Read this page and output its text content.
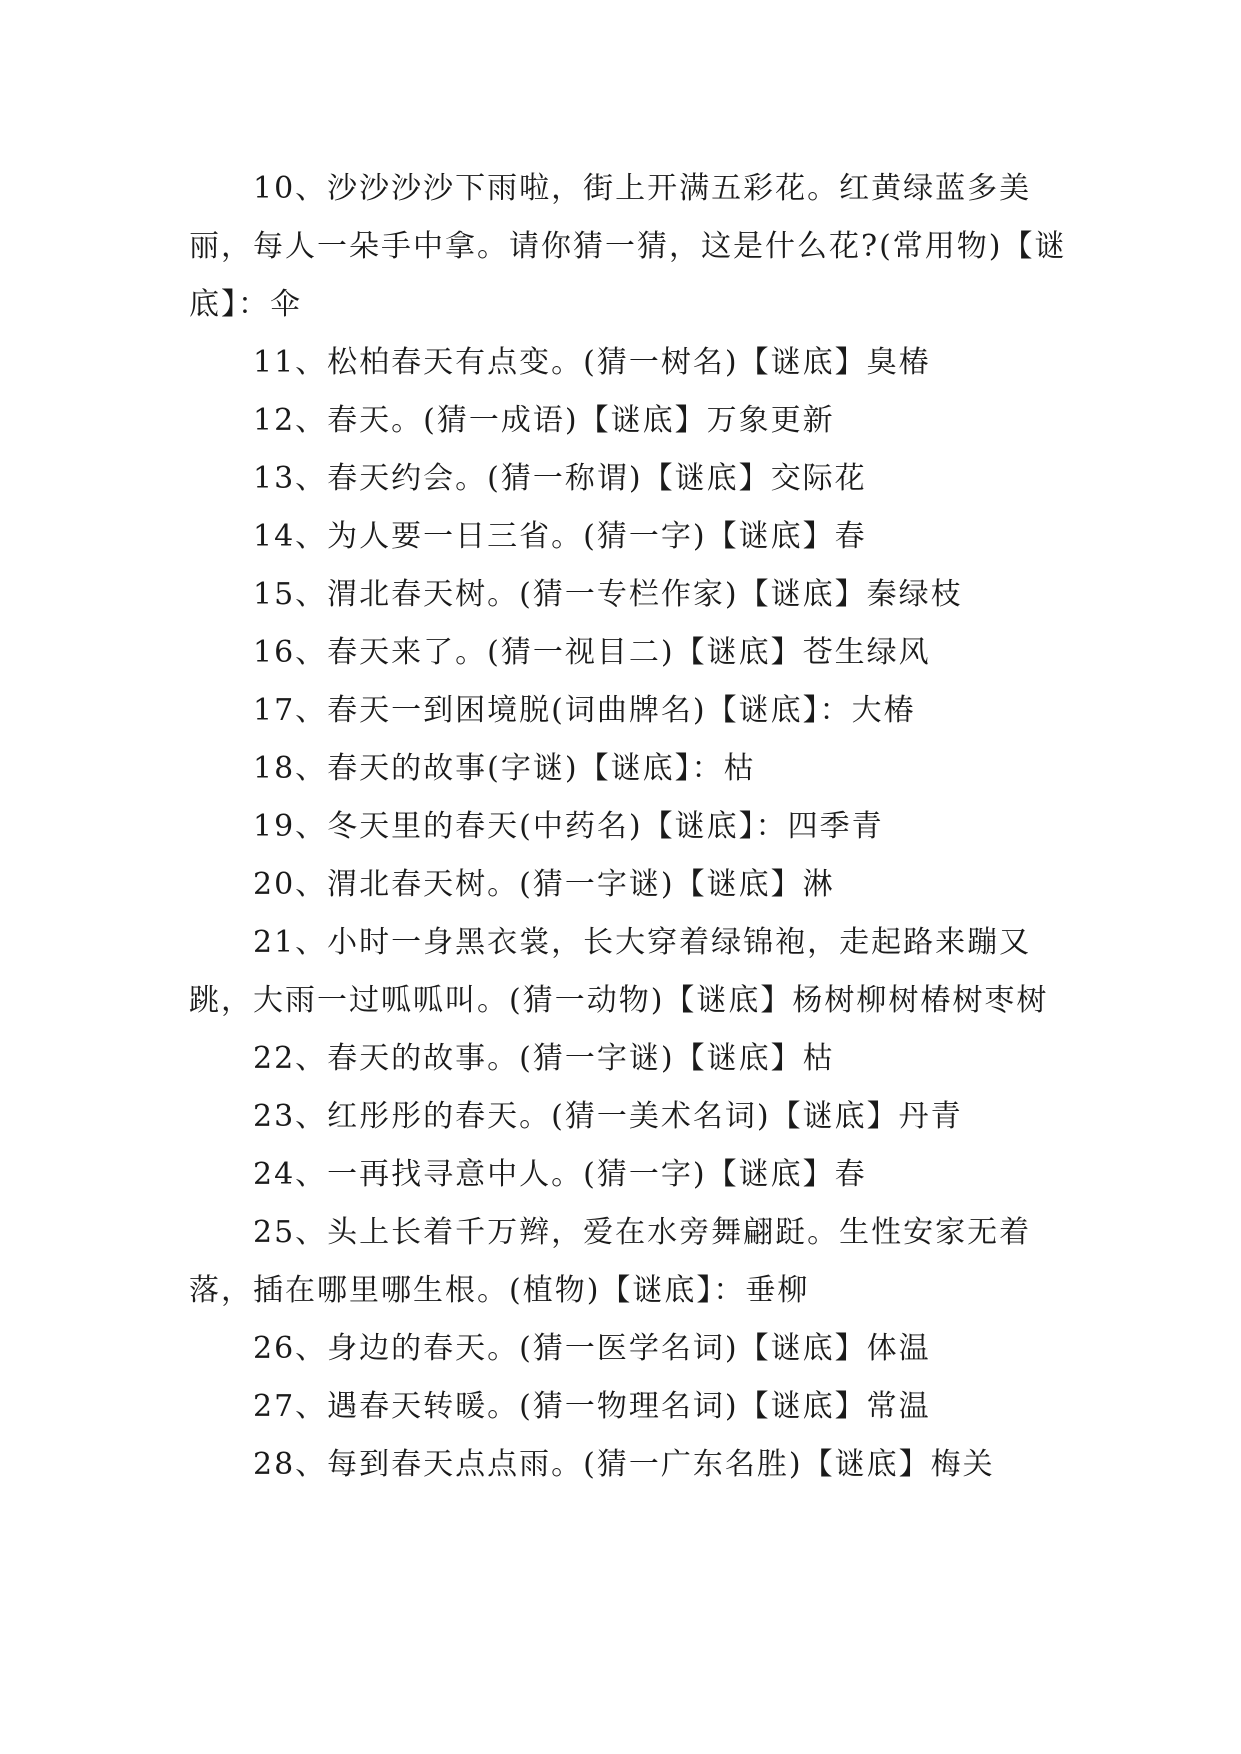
10、沙沙沙沙下雨啦，街上开满五彩花。红黄绿蓝多美丽，每人一朵手中拿。请你猜一猜，这是什么花?(常用物)【谜底】：伞

11、松柏春天有点变。(猜一树名)【谜底】臭椿

12、春天。(猜一成语)【谜底】万象更新

13、春天约会。(猜一称谓)【谜底】交际花

14、为人要一日三省。(猜一字)【谜底】春

15、渭北春天树。(猜一专栏作家)【谜底】秦绿枝

16、春天来了。(猜一视目二)【谜底】苍生绿风

17、春天一到困境脱(词曲牌名)【谜底】：大椿

18、春天的故事(字谜)【谜底】：枯

19、冬天里的春天(中药名)【谜底】：四季青

20、渭北春天树。(猜一字谜)【谜底】淋

21、小时一身黑衣裳，长大穿着绿锦袍，走起路来蹦又跳，大雨一过呱呱叫。(猜一动物)【谜底】杨树柳树椿树枣树

22、春天的故事。(猜一字谜)【谜底】枯

23、红彤彤的春天。(猜一美术名词)【谜底】丹青

24、一再找寻意中人。(猜一字)【谜底】春

25、头上长着千万辫，爱在水旁舞翩跹。生性安家无着落，插在哪里哪生根。(植物)【谜底】：垂柳

26、身边的春天。(猜一医学名词)【谜底】体温

27、遇春天转暖。(猜一物理名词)【谜底】常温

28、每到春天点点雨。(猜一广东名胜)【谜底】梅关
